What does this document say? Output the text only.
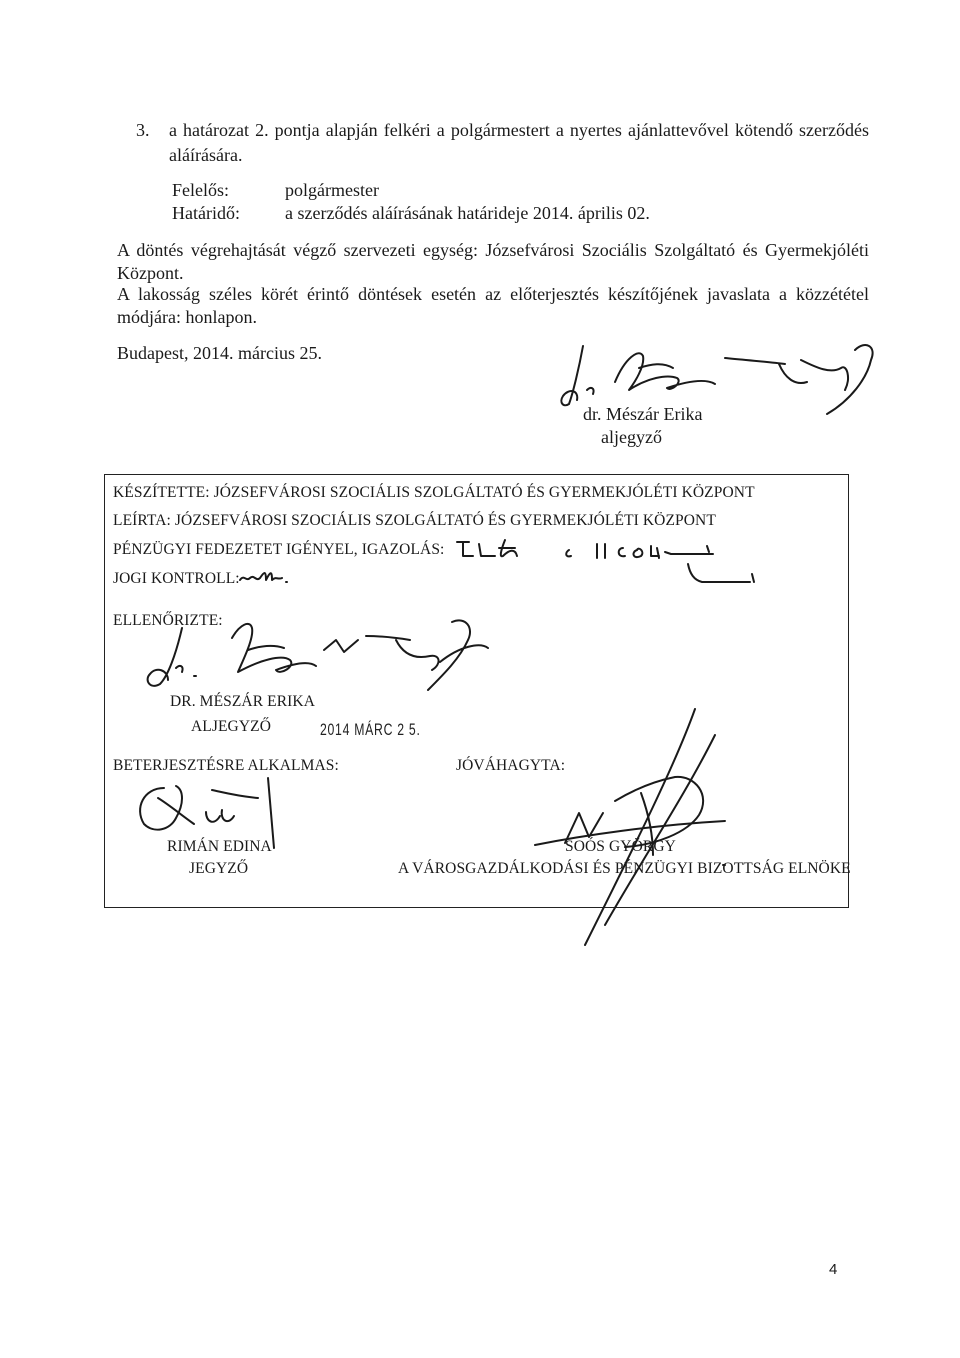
3. a határozat 2. pontja alapján felkéri a polgármestert a nyertes ajánlattevővel kötendő szerződés
aláírására.
Felelős:	polgármester
Határidő:	a szerződés aláírásának határideje 2014. április 02.
A döntés végrehajtását végző szervezeti egység: Józsefvárosi Szociális Szolgáltató és Gyermekjóléti
Központ.
A lakosság széles körét érintő döntések esetén az előterjesztés készítőjének javaslata a közzététel
módjára: honlapon.
Budapest, 2014. március 25.
dr. Mészár Erika
aljegyző
KÉSZÍTETTE: JÓZSEFVÁROSI SZOCIÁLIS SZOLGÁLTATÓ ÉS GYERMEKJÓLÉTI KÖZPONT
LEÍRTA: JÓZSEFVÁROSI SZOCIÁLIS SZOLGÁLTATÓ ÉS GYERMEKJÓLÉTI KÖZPONT
PÉNZÜGYI FEDEZETET IGÉNYEL, IGAZOLÁS:
JOGI KONTROLL:
ELLENŐRIZTE:
DR. MÉSZÁR ERIKA
ALJEGYZŐ	2014 MÁRC 2 5.
BETERJESZTÉSRE ALKALMAS:	JÓVÁHAGYTA:
RIMÁN EDINA
JEGYZŐ
SOÓS GYÖRGY
A VÁROSGAZDÁLKODÁSI ÉS PÉNZÜGYI BIZOTTSÁG ELNÖKE
4
